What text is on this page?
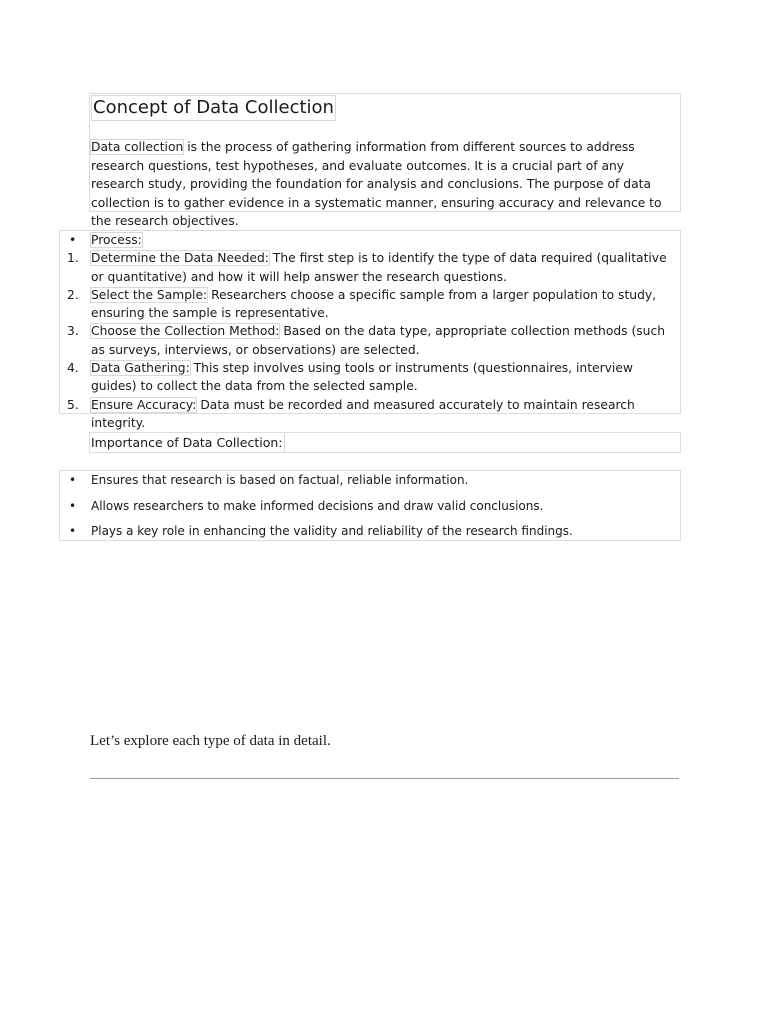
Concept of Data Collection

Data collection is the process of gathering information from different sources to address research questions, test hypotheses, and evaluate outcomes. It is a crucial part of any research study, providing the foundation for analysis and conclusions. The purpose of data collection is to gather evidence in a systematic manner, ensuring accuracy and relevance to the research objectives.

• Process:
1. Determine the Data Needed: The first step is to identify the type of data required (qualitative or quantitative) and how it will help answer the research questions.
2. Select the Sample: Researchers choose a specific sample from a larger population to study, ensuring the sample is representative.
3. Choose the Collection Method: Based on the data type, appropriate collection methods (such as surveys, interviews, or observations) are selected.
4. Data Gathering: This step involves using tools or instruments (questionnaires, interview guides) to collect the data from the selected sample.
5. Ensure Accuracy: Data must be recorded and measured accurately to maintain research integrity.
Importance of Data Collection:
• Ensures that research is based on factual, reliable information.
• Allows researchers to make informed decisions and draw valid conclusions.
• Plays a key role in enhancing the validity and reliability of the research findings.

Let’s explore each type of data in detail.
